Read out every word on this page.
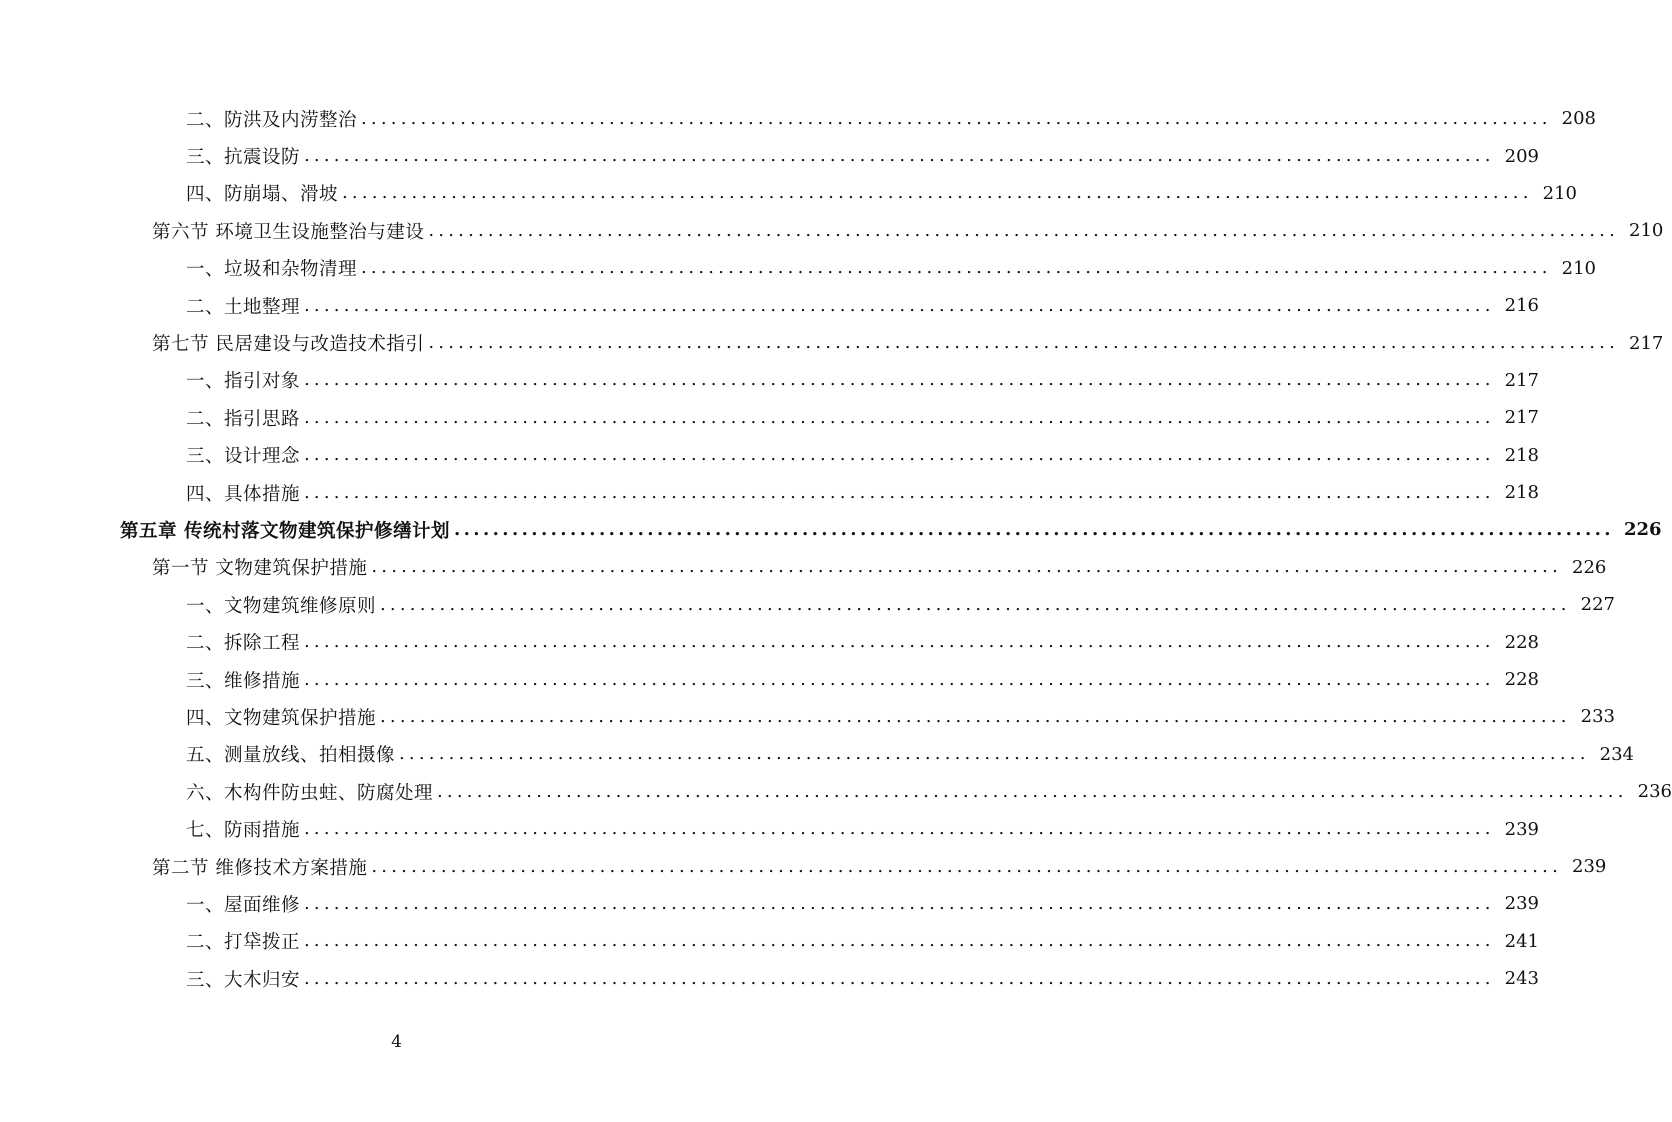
二、防洪及内涝整治 ........................................................................................................................ 208
三、抗震设防 ........................................................................................................................ 209
四、防崩塌、滑坡 ........................................................................................................................ 210
第六节 环境卫生设施整治与建设 ........................................................................................................................ 210
一、垃圾和杂物清理 ........................................................................................................................ 210
二、土地整理 ........................................................................................................................ 216
第七节 民居建设与改造技术指引 ........................................................................................................................ 217
一、指引对象 ........................................................................................................................ 217
二、指引思路 ........................................................................................................................ 217
三、设计理念 ........................................................................................................................ 218
四、具体措施 ........................................................................................................................ 218
第五章 传统村落文物建筑保护修缮计划 ........................................................................................................................ 226
第一节 文物建筑保护措施 ........................................................................................................................ 226
一、文物建筑维修原则 ........................................................................................................................ 227
二、拆除工程 ........................................................................................................................ 228
三、维修措施 ........................................................................................................................ 228
四、文物建筑保护措施 ........................................................................................................................ 233
五、测量放线、拍相摄像 ........................................................................................................................ 234
六、木构件防虫蛀、防腐处理 ........................................................................................................................ 236
七、防雨措施 ........................................................................................................................ 239
第二节 维修技术方案措施 ........................................................................................................................ 239
一、屋面维修 ........................................................................................................................ 239
二、打牮拨正 ........................................................................................................................ 241
三、大木归安 ........................................................................................................................ 243
4
